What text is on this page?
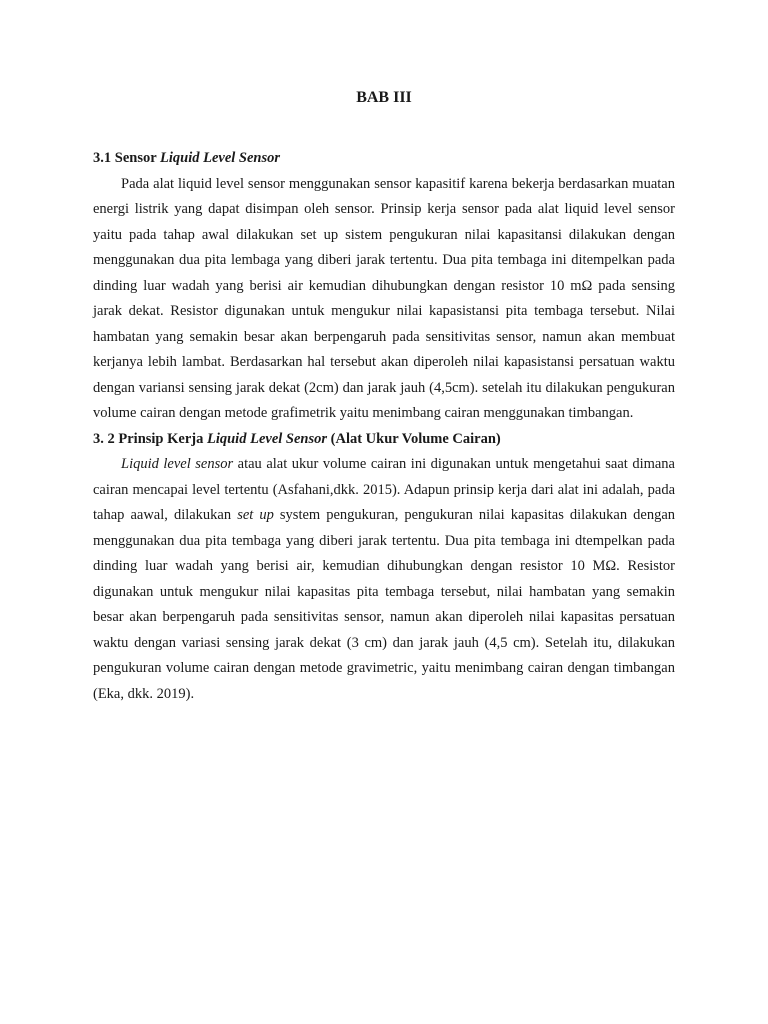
BAB III

3.1 Sensor Liquid Level Sensor

Pada alat liquid level sensor menggunakan sensor kapasitif karena bekerja berdasarkan muatan energi listrik yang dapat disimpan oleh sensor. Prinsip kerja sensor pada alat liquid level sensor yaitu pada tahap awal dilakukan set up sistem pengukuran nilai kapasitansi dilakukan dengan menggunakan dua pita lembaga yang diberi jarak tertentu. Dua pita tembaga ini ditempelkan pada dinding luar wadah yang berisi air kemudian dihubungkan dengan resistor 10 mΩ pada sensing jarak dekat. Resistor digunakan untuk mengukur nilai kapasistansi pita tembaga tersebut. Nilai hambatan yang semakin besar akan berpengaruh pada sensitivitas sensor, namun akan membuat kerjanya lebih lambat. Berdasarkan hal tersebut akan diperoleh nilai kapasistansi persatuan waktu dengan variansi sensing jarak dekat (2cm) dan jarak jauh (4,5cm). setelah itu dilakukan pengukuran volume cairan dengan metode grafimetrik yaitu menimbang cairan menggunakan timbangan.

3. 2 Prinsip Kerja Liquid Level Sensor (Alat Ukur Volume Cairan)

Liquid level sensor atau alat ukur volume cairan ini digunakan untuk mengetahui saat dimana cairan mencapai level tertentu (Asfahani,dkk. 2015). Adapun prinsip kerja dari alat ini adalah, pada tahap aawal, dilakukan set up system pengukuran, pengukuran nilai kapasitas dilakukan dengan menggunakan dua pita tembaga yang diberi jarak tertentu. Dua pita tembaga ini dtempelkan pada dinding luar wadah yang berisi air, kemudian dihubungkan dengan resistor 10 MΩ. Resistor digunakan untuk mengukur nilai kapasitas pita tembaga tersebut, nilai hambatan yang semakin besar akan berpengaruh pada sensitivitas sensor, namun akan diperoleh nilai kapasitas persatuan waktu dengan variasi sensing jarak dekat (3 cm) dan jarak jauh (4,5 cm). Setelah itu, dilakukan pengukuran volume cairan dengan metode gravimetric, yaitu menimbang cairan dengan timbangan (Eka, dkk. 2019).
